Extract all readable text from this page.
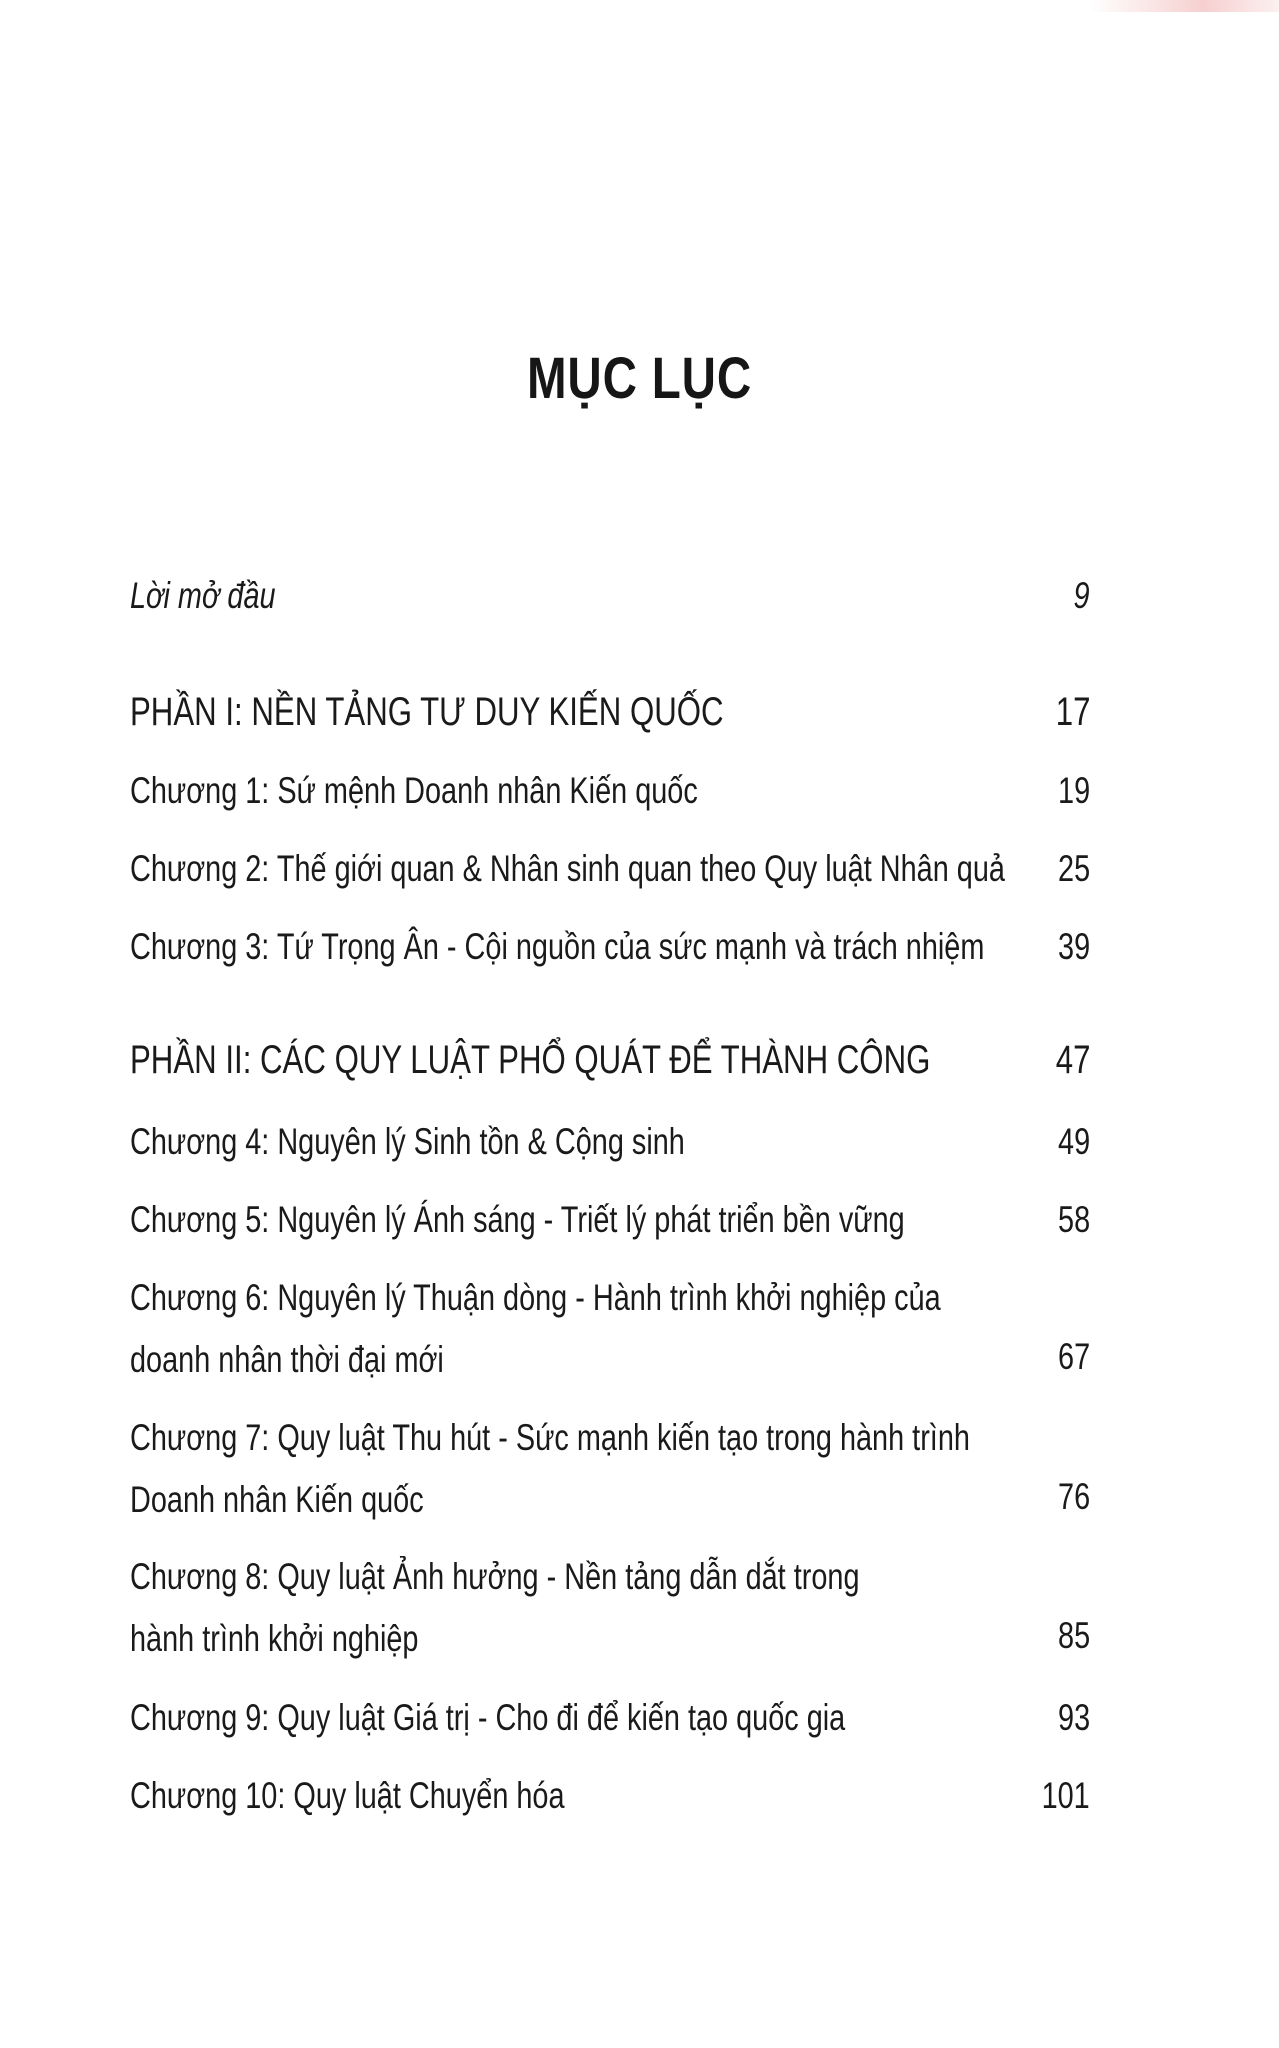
MỤC LỤC
Lời mở đầu	9
PHẦN I: NỀN TẢNG TƯ DUY KIẾN QUỐC	17
Chương 1: Sứ mệnh Doanh nhân Kiến quốc	19
Chương 2: Thế giới quan & Nhân sinh quan theo Quy luật Nhân quả 25
Chương 3: Tứ Trọng Ân - Cội nguồn của sức mạnh và trách nhiệm 39
PHẦN II: CÁC QUY LUẬT PHỔ QUÁT ĐỂ THÀNH CÔNG	47
Chương 4: Nguyên lý Sinh tồn & Cộng sinh	49
Chương 5: Nguyên lý Ánh sáng - Triết lý phát triển bền vững	58
Chương 6: Nguyên lý Thuận dòng - Hành trình khởi nghiệp của
doanh nhân thời đại mới	67
Chương 7: Quy luật Thu hút - Sức mạnh kiến tạo trong hành trình
Doanh nhân Kiến quốc	76
Chương 8: Quy luật Ảnh hưởng - Nền tảng dẫn dắt trong
hành trình khởi nghiệp	85
Chương 9: Quy luật Giá trị - Cho đi để kiến tạo quốc gia	93
Chương 10: Quy luật Chuyển hóa	101
